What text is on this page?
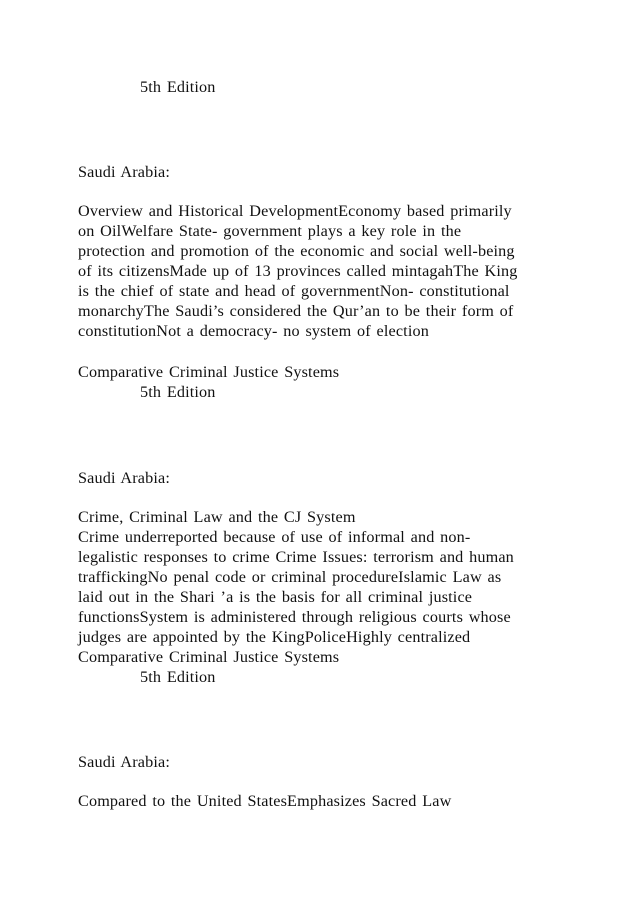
5th Edition
Saudi Arabia:
Overview and Historical DevelopmentEconomy based primarily
on OilWelfare State- government plays a key role in the
protection and promotion of the economic and social well-being
of its citizensMade up of 13 provinces called mintagahThe King
is the chief of state and head of governmentNon- constitutional
monarchyThe Saudi’s considered the Qur’an to be their form of
constitutionNot a democracy- no system of election
Comparative Criminal Justice Systems
5th Edition
Saudi Arabia:
Crime, Criminal Law and the CJ System
Crime underreported because of use of informal and non-
legalistic responses to crime Crime Issues: terrorism and human
traffickingNo penal code or criminal procedureIslamic Law as
laid out in the Shari ’a is the basis for all criminal justice
functionsSystem is administered through religious courts whose
judges are appointed by the KingPoliceHighly centralized
Comparative Criminal Justice Systems
5th Edition
Saudi Arabia:
Compared to the United StatesEmphasizes Sacred Law
